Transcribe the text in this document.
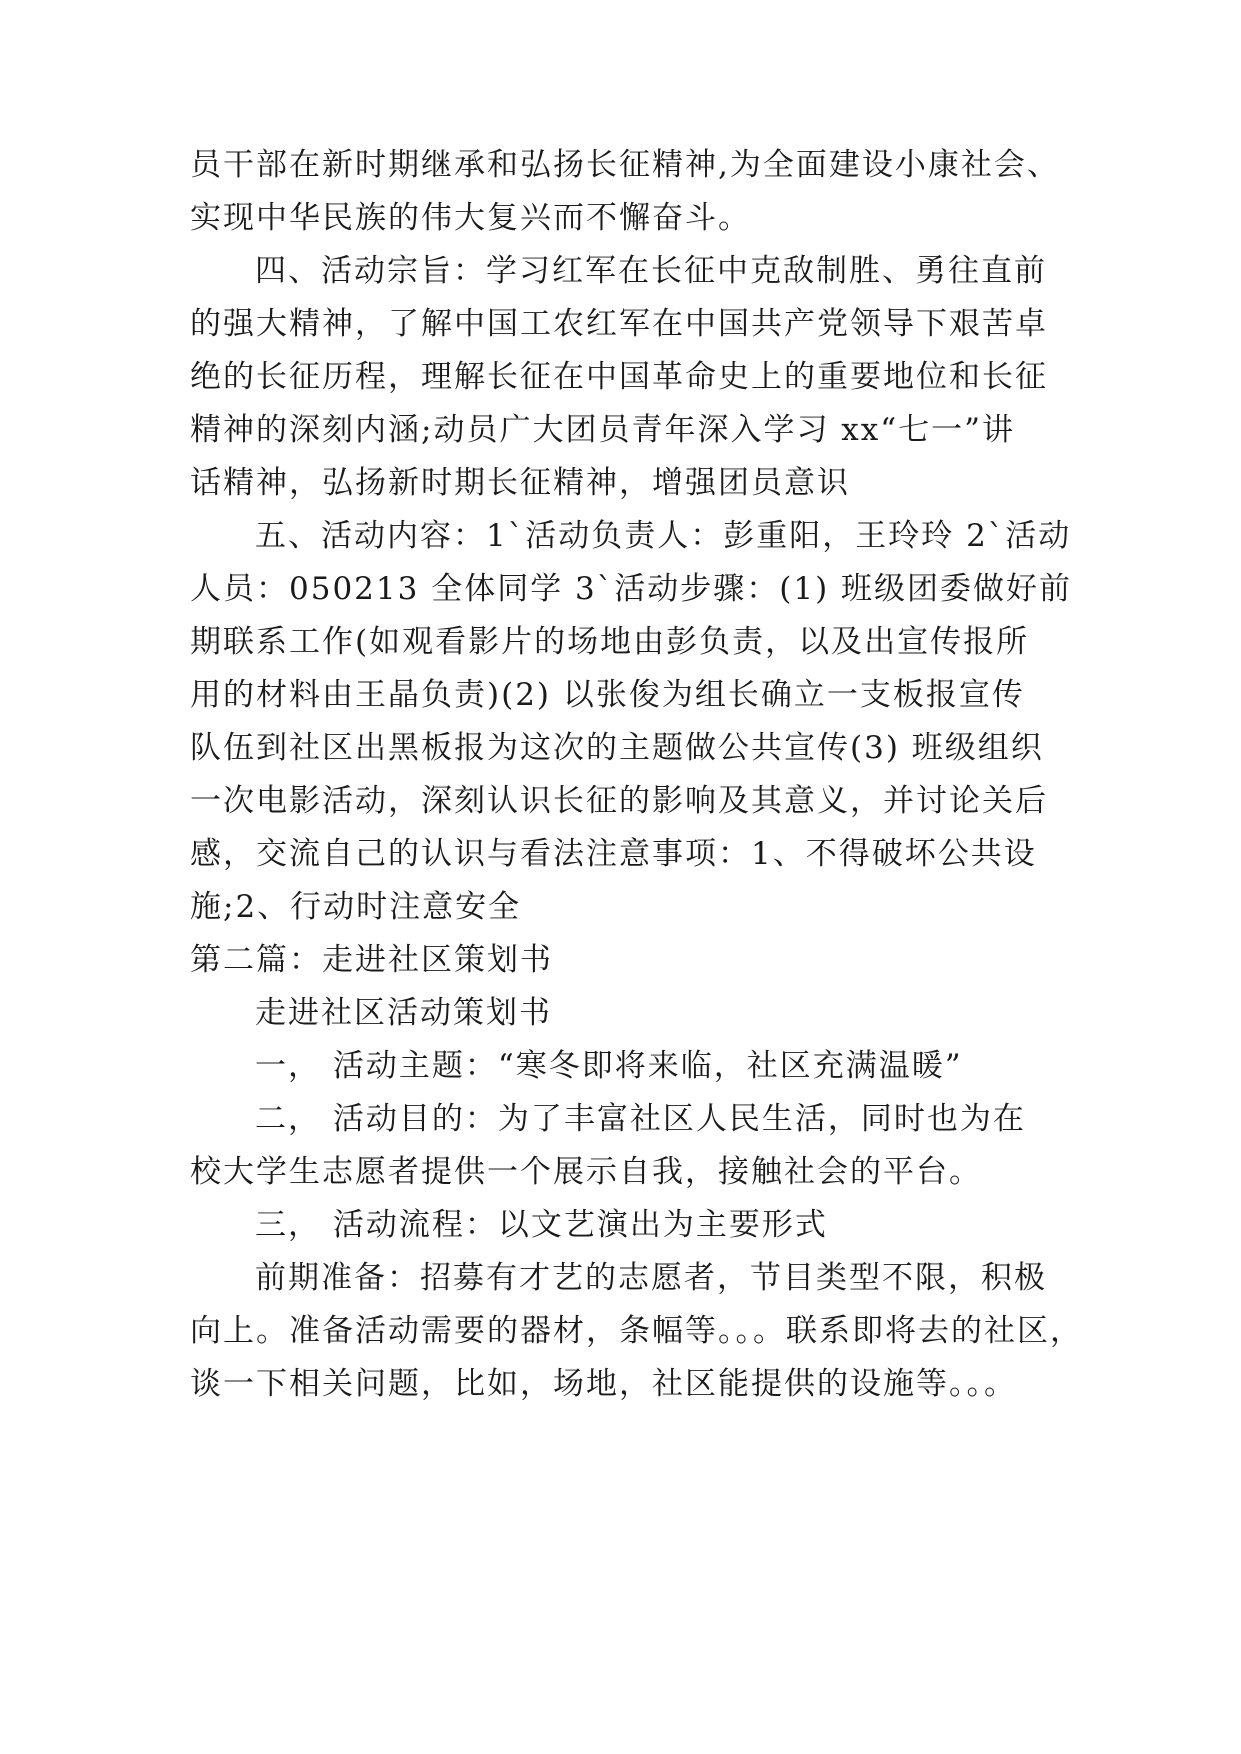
员干部在新时期继承和弘扬长征精神,为全面建设小康社会、
实现中华民族的伟大复兴而不懈奋斗。
四、活动宗旨：学习红军在长征中克敌制胜、勇往直前
的强大精神，了解中国工农红军在中国共产党领导下艰苦卓
绝的长征历程，理解长征在中国革命史上的重要地位和长征
精神的深刻内涵;动员广大团员青年深入学习 xx“七一”讲
话精神，弘扬新时期长征精神，增强团员意识
五、活动内容：1`活动负责人：彭重阳，王玲玲 2`活动
人员：050213 全体同学 3`活动步骤：(1) 班级团委做好前
期联系工作(如观看影片的场地由彭负责，以及出宣传报所
用的材料由王晶负责)(2) 以张俊为组长确立一支板报宣传
队伍到社区出黑板报为这次的主题做公共宣传(3) 班级组织
一次电影活动，深刻认识长征的影响及其意义，并讨论关后
感，交流自己的认识与看法注意事项：1、不得破坏公共设
施;2、行动时注意安全
第二篇：走进社区策划书
走进社区活动策划书
一， 活动主题：“寒冬即将来临，社区充满温暖”
二， 活动目的：为了丰富社区人民生活，同时也为在
校大学生志愿者提供一个展示自我，接触社会的平台。
三， 活动流程：以文艺演出为主要形式
前期准备：招募有才艺的志愿者，节目类型不限，积极
向上。准备活动需要的器材，条幅等。。。联系即将去的社区，
谈一下相关问题，比如，场地，社区能提供的设施等。。。
